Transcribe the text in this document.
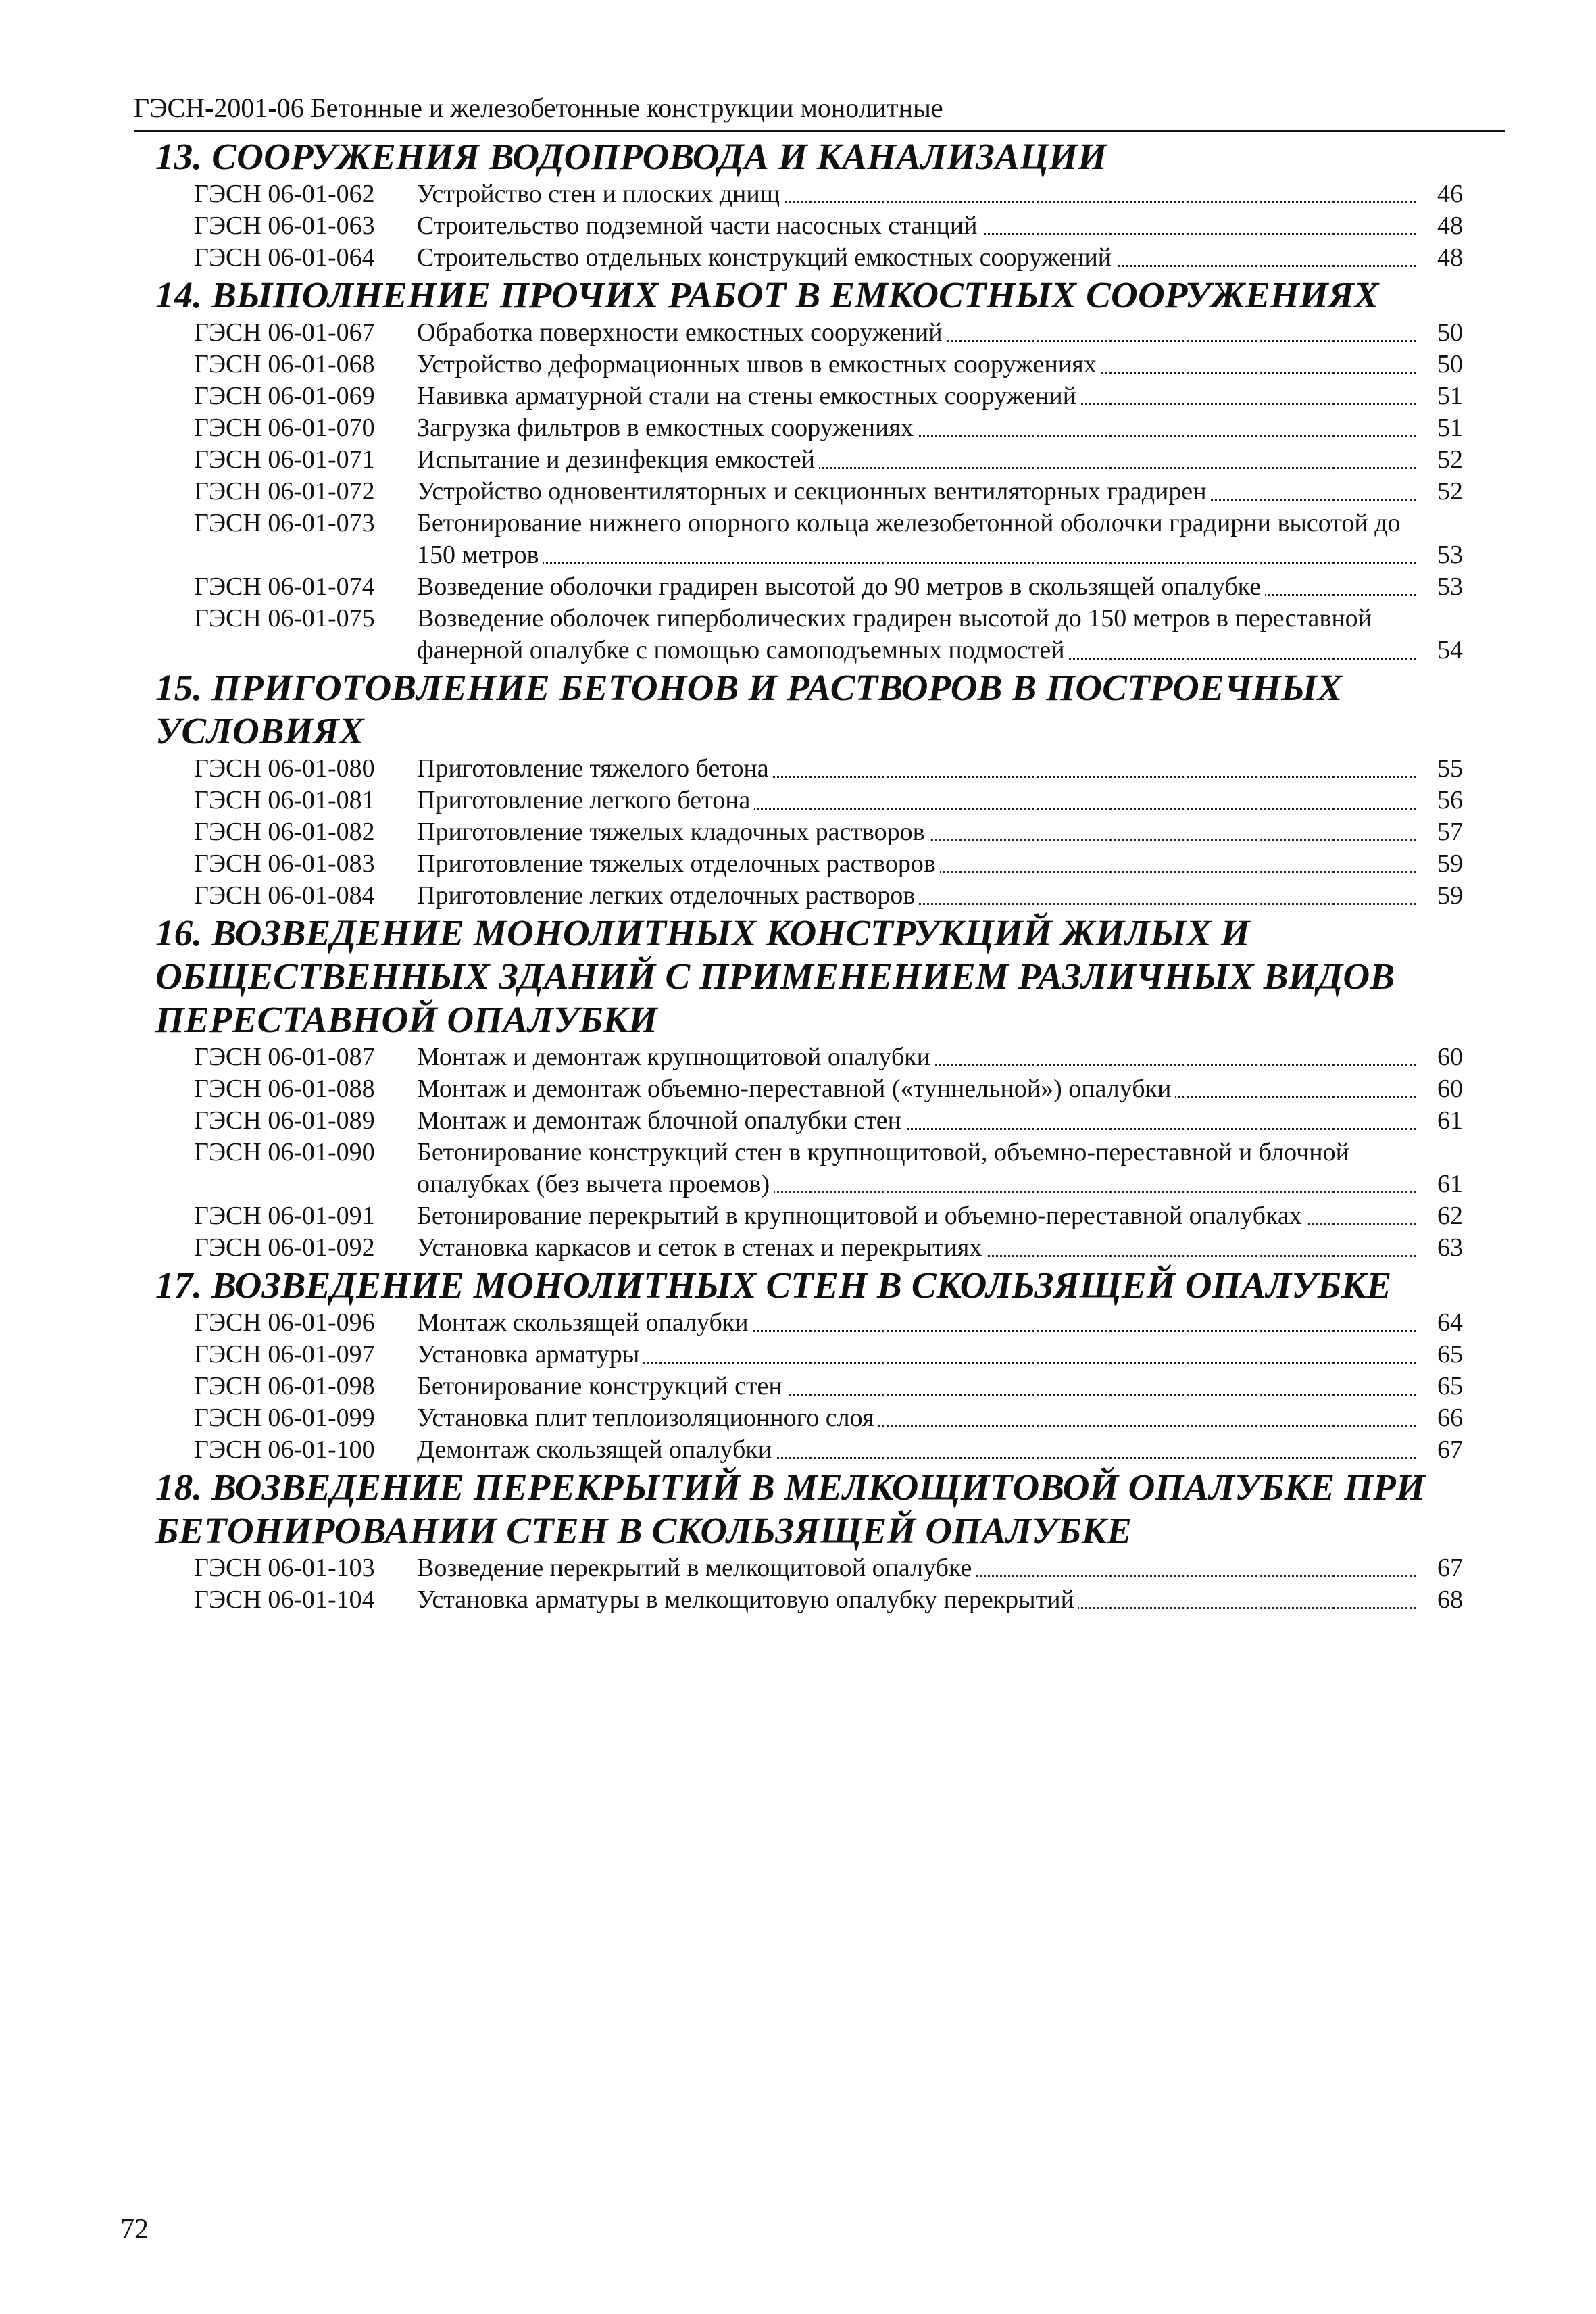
ГЭСН-2001-06 Бетонные и железобетонные конструкции монолитные
13. СООРУЖЕНИЯ ВОДОПРОВОДА И КАНАЛИЗАЦИИ
ГЭСН 06-01-062	Устройство стен и плоских днищ	46
ГЭСН 06-01-063	Строительство подземной части насосных станций	48
ГЭСН 06-01-064	Строительство отдельных конструкций емкостных сооружений	48
14. ВЫПОЛНЕНИЕ ПРОЧИХ РАБОТ В ЕМКОСТНЫХ СООРУЖЕНИЯХ
ГЭСН 06-01-067	Обработка поверхности емкостных сооружений	50
ГЭСН 06-01-068	Устройство деформационных швов в емкостных сооружениях	50
ГЭСН 06-01-069	Навивка арматурной стали на стены емкостных сооружений	51
ГЭСН 06-01-070	Загрузка фильтров в емкостных сооружениях	51
ГЭСН 06-01-071	Испытание и дезинфекция емкостей	52
ГЭСН 06-01-072	Устройство одновентиляторных и секционных вентиляторных градирен	52
ГЭСН 06-01-073	Бетонирование нижнего опорного кольца железобетонной оболочки градирни высотой до 150 метров	53
ГЭСН 06-01-074	Возведение оболочки градирен высотой до 90 метров в скользящей опалубке	53
ГЭСН 06-01-075	Возведение оболочек гиперболических градирен высотой до 150 метров в переставной фанерной опалубке с помощью самоподъемных подмостей	54
15. ПРИГОТОВЛЕНИЕ БЕТОНОВ И РАСТВОРОВ В ПОСТРОЕЧНЫХ УСЛОВИЯХ
ГЭСН 06-01-080	Приготовление тяжелого бетона	55
ГЭСН 06-01-081	Приготовление легкого бетона	56
ГЭСН 06-01-082	Приготовление тяжелых кладочных растворов	57
ГЭСН 06-01-083	Приготовление тяжелых отделочных растворов	59
ГЭСН 06-01-084	Приготовление легких отделочных растворов	59
16. ВОЗВЕДЕНИЕ МОНОЛИТНЫХ КОНСТРУКЦИЙ ЖИЛЫХ И ОБЩЕСТВЕННЫХ ЗДАНИЙ С ПРИМЕНЕНИЕМ РАЗЛИЧНЫХ ВИДОВ ПЕРЕСТАВНОЙ ОПАЛУБКИ
ГЭСН 06-01-087	Монтаж и демонтаж крупнощитовой опалубки	60
ГЭСН 06-01-088	Монтаж и демонтаж объемно-переставной («туннельной») опалубки	60
ГЭСН 06-01-089	Монтаж и демонтаж блочной опалубки стен	61
ГЭСН 06-01-090	Бетонирование конструкций стен в крупнощитовой, объемно-переставной и блочной опалубках (без вычета проемов)	61
ГЭСН 06-01-091	Бетонирование перекрытий в крупнощитовой и объемно-переставной опалубках	62
ГЭСН 06-01-092	Установка каркасов и сеток в стенах и перекрытиях	63
17. ВОЗВЕДЕНИЕ МОНОЛИТНЫХ СТЕН В СКОЛЬЗЯЩЕЙ ОПАЛУБКЕ
ГЭСН 06-01-096	Монтаж скользящей опалубки	64
ГЭСН 06-01-097	Установка арматуры	65
ГЭСН 06-01-098	Бетонирование конструкций стен	65
ГЭСН 06-01-099	Установка плит теплоизоляционного слоя	66
ГЭСН 06-01-100	Демонтаж скользящей опалубки	67
18. ВОЗВЕДЕНИЕ ПЕРЕКРЫТИЙ В МЕЛКОЩИТОВОЙ ОПАЛУБКЕ ПРИ БЕТОНИРОВАНИИ СТЕН В СКОЛЬЗЯЩЕЙ ОПАЛУБКЕ
ГЭСН 06-01-103	Возведение перекрытий в мелкощитовой опалубке	67
ГЭСН 06-01-104	Установка арматуры в мелкощитовую опалубку перекрытий	68
72
